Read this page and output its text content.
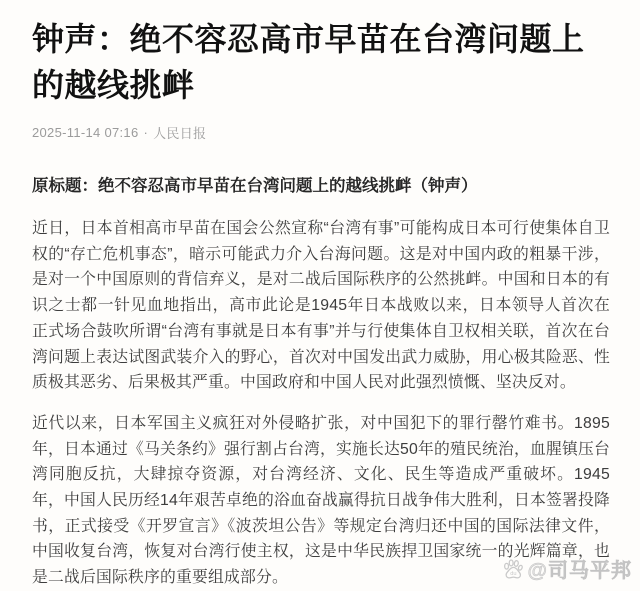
钟声：绝不容忍高市早苗在台湾问题上的越线挑衅
2025-11-14 07:16 · 人民日报
原标题：绝不容忍高市早苗在台湾问题上的越线挑衅（钟声）

近日，日本首相高市早苗在国会公然宣称“台湾有事”可能构成日本可行使集体自卫权的“存亡危机事态”，暗示可能武力介入台海问题。这是对中国内政的粗暴干涉，是对一个中国原则的背信弃义，是对二战后国际秩序的公然挑衅。中国和日本的有识之士都一针见血地指出，高市此论是1945年日本战败以来，日本领导人首次在正式场合鼓吹所谓“台湾有事就是日本有事”并与行使集体自卫权相关联，首次在台湾问题上表达试图武装介入的野心，首次对中国发出武力威胁，用心极其险恶、性质极其恶劣、后果极其严重。中国政府和中国人民对此强烈愤慨、坚决反对。

近代以来，日本军国主义疯狂对外侵略扩张，对中国犯下的罪行罄竹难书。1895年，日本通过《马关条约》强行割占台湾，实施长达50年的殖民统治，血腥镇压台湾同胞反抗，大肆掠夺资源，对台湾经济、文化、民生等造成严重破坏。1945年，中国人民历经14年艰苦卓绝的浴血奋战赢得抗日战争伟大胜利，日本签署投降书，正式接受《开罗宣言》《波茨坦公告》等规定台湾归还中国的国际法律文件，中国收复台湾，恢复对台湾行使主权，这是中华民族捍卫国家统一的光辉篇章，也是二战后国际秩序的重要组成部分。	du @司马平邦
